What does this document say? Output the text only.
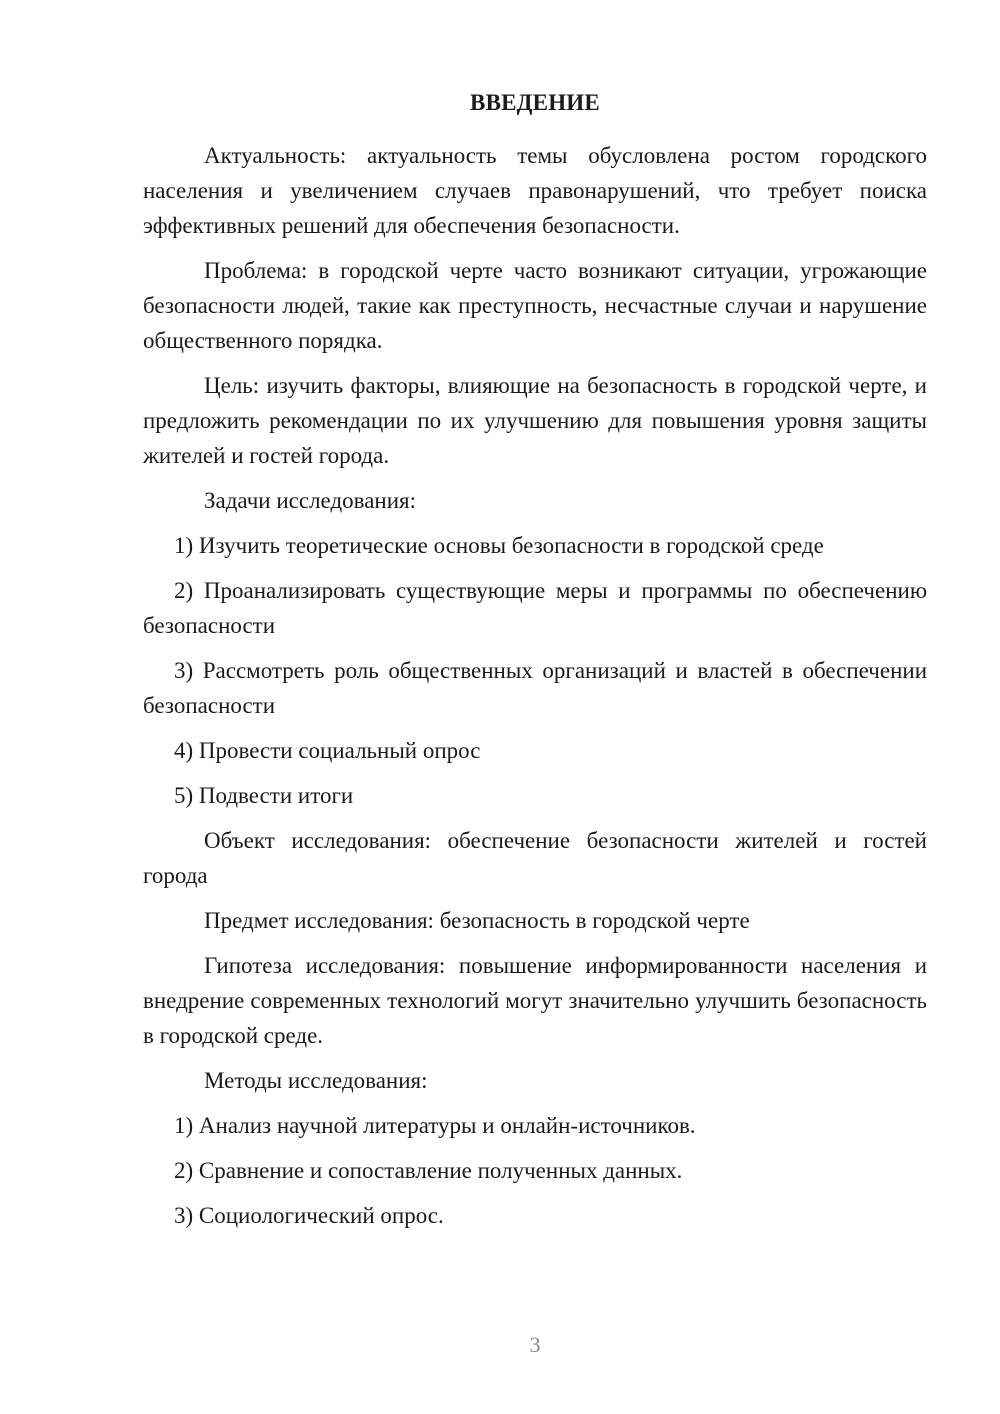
ВВЕДЕНИЕ

Актуальность: актуальность темы обусловлена ростом городского населения и увеличением случаев правонарушений, что требует поиска эффективных решений для обеспечения безопасности.

Проблема: в городской черте часто возникают ситуации, угрожающие безопасности людей, такие как преступность, несчастные случаи и нарушение общественного порядка.

Цель: изучить факторы, влияющие на безопасность в городской черте, и предложить рекомендации по их улучшению для повышения уровня защиты жителей и гостей города.

Задачи исследования:

1) Изучить теоретические основы безопасности в городской среде

2) Проанализировать существующие меры и программы по обеспечению безопасности

3) Рассмотреть роль общественных организаций и властей в обеспечении безопасности

4) Провести социальный опрос

5) Подвести итоги

Объект исследования: обеспечение безопасности жителей и гостей города

Предмет исследования: безопасность в городской черте

Гипотеза исследования: повышение информированности населения и внедрение современных технологий могут значительно улучшить безопасность в городской среде.

Методы исследования:

1) Анализ научной литературы и онлайн-источников.

2) Сравнение и сопоставление полученных данных.

3) Социологический опрос.

3
